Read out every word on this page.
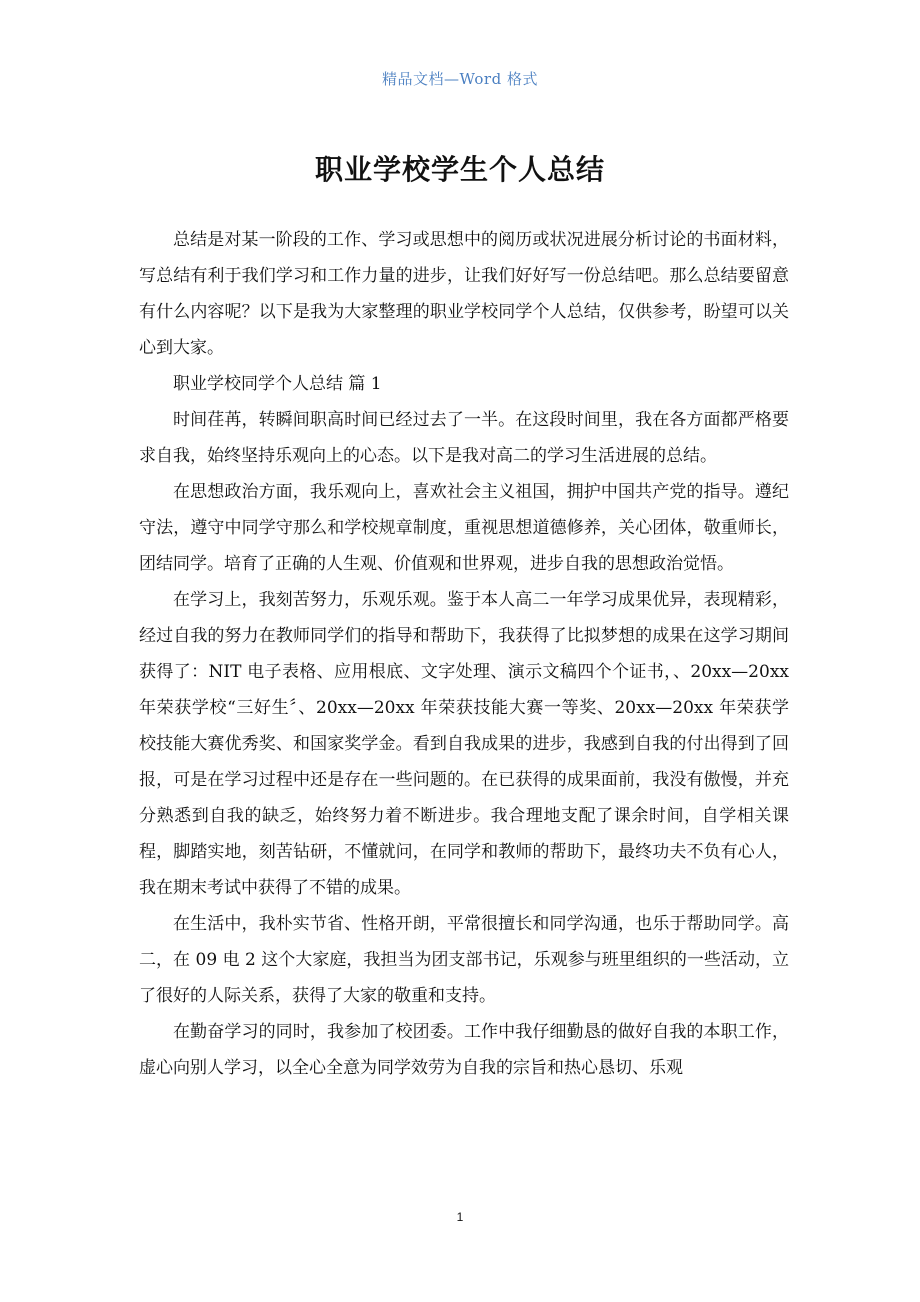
精品文档—Word 格式
职业学校学生个人总结

总结是对某一阶段的工作、学习或思想中的阅历或状况进展分析讨论的书面材料，写总结有利于我们学习和工作力量的进步，让我们好好写一份总结吧。那么总结要留意有什么内容呢？以下是我为大家整理的职业学校同学个人总结，仅供参考，盼望可以关心到大家。

职业学校同学个人总结 篇 1

时间荏苒，转瞬间职高时间已经过去了一半。在这段时间里，我在各方面都严格要求自我，始终坚持乐观向上的心态。以下是我对高二的学习生活进展的总结。

在思想政治方面，我乐观向上，喜欢社会主义祖国，拥护中国共产党的指导。遵纪守法，遵守中同学守那么和学校规章制度，重视思想道德修养，关心团体，敬重师长，团结同学。培育了正确的人生观、价值观和世界观，进步自我的思想政治觉悟。

在学习上，我刻苦努力，乐观乐观。鉴于本人高二一年学习成果优异，表现精彩，经过自我的努力在教师同学们的指导和帮助下，我获得了比拟梦想的成果在这学习期间获得了：NIT 电子表格、应用根底、文字处理、演示文稿四个个证书，、20xx—20xx 年荣获学校“三好生〞、20xx—20xx 年荣获技能大赛一等奖、20xx—20xx 年荣获学校技能大赛优秀奖、和国家奖学金。看到自我成果的进步，我感到自我的付出得到了回报，可是在学习过程中还是存在一些问题的。在已获得的成果面前，我没有傲慢，并充分熟悉到自我的缺乏，始终努力着不断进步。我合理地支配了课余时间，自学相关课程，脚踏实地，刻苦钻研，不懂就问，在同学和教师的帮助下，最终功夫不负有心人，我在期末考试中获得了不错的成果。

在生活中，我朴实节省、性格开朗，平常很擅长和同学沟通，也乐于帮助同学。高二，在 09 电 2 这个大家庭，我担当为团支部书记，乐观参与班里组织的一些活动，立了很好的人际关系，获得了大家的敬重和支持。

在勤奋学习的同时，我参加了校团委。工作中我仔细勤恳的做好自我的本职工作，虚心向别人学习，以全心全意为同学效劳为自我的宗旨和热心恳切、乐观

1
